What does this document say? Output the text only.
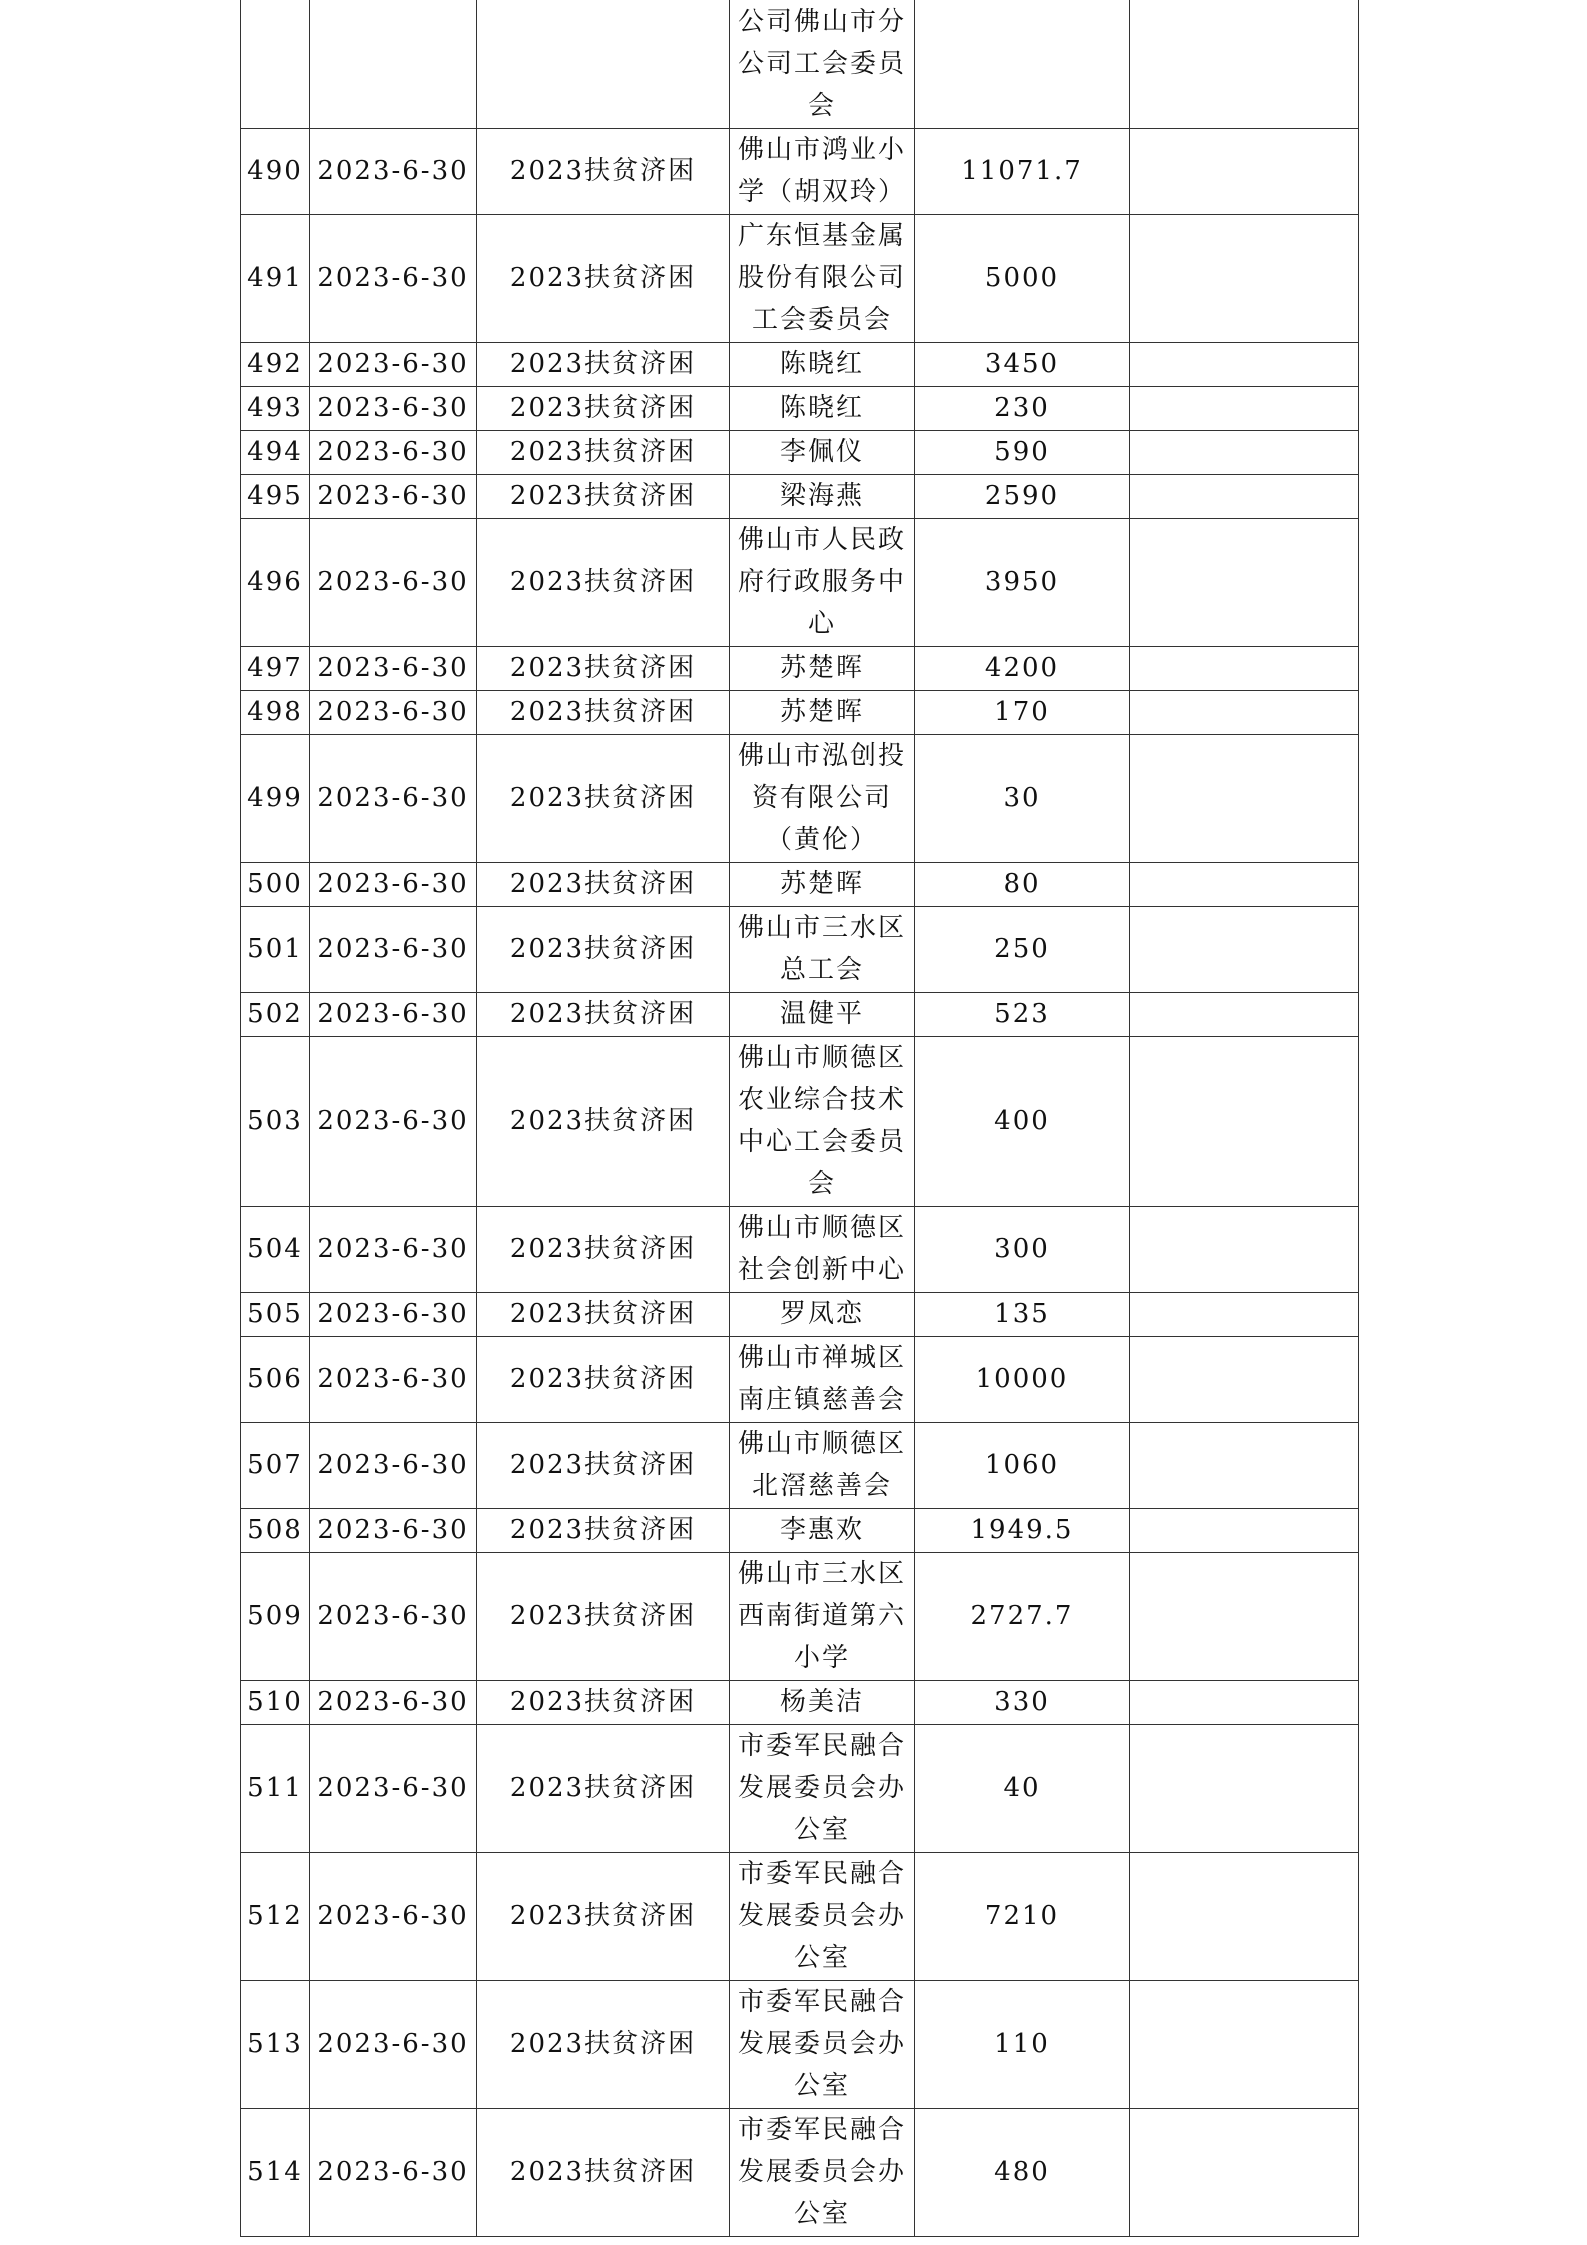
			公司佛山市分公司工会委员会		
490	2023-6-30	2023扶贫济困	佛山市鸿业小学（胡双玲）	11071.7	
491	2023-6-30	2023扶贫济困	广东恒基金属股份有限公司工会委员会	5000	
492	2023-6-30	2023扶贫济困	陈晓红	3450	
493	2023-6-30	2023扶贫济困	陈晓红	230	
494	2023-6-30	2023扶贫济困	李佩仪	590	
495	2023-6-30	2023扶贫济困	梁海燕	2590	
496	2023-6-30	2023扶贫济困	佛山市人民政府行政服务中心	3950	
497	2023-6-30	2023扶贫济困	苏楚晖	4200	
498	2023-6-30	2023扶贫济困	苏楚晖	170	
499	2023-6-30	2023扶贫济困	佛山市泓创投资有限公司（黄伦）	30	
500	2023-6-30	2023扶贫济困	苏楚晖	80	
501	2023-6-30	2023扶贫济困	佛山市三水区总工会	250	
502	2023-6-30	2023扶贫济困	温健平	523	
503	2023-6-30	2023扶贫济困	佛山市顺德区农业综合技术中心工会委员会	400	
504	2023-6-30	2023扶贫济困	佛山市顺德区社会创新中心	300	
505	2023-6-30	2023扶贫济困	罗凤恋	135	
506	2023-6-30	2023扶贫济困	佛山市禅城区南庄镇慈善会	10000	
507	2023-6-30	2023扶贫济困	佛山市顺德区北滘慈善会	1060	
508	2023-6-30	2023扶贫济困	李惠欢	1949.5	
509	2023-6-30	2023扶贫济困	佛山市三水区西南街道第六小学	2727.7	
510	2023-6-30	2023扶贫济困	杨美洁	330	
511	2023-6-30	2023扶贫济困	市委军民融合发展委员会办公室	40	
512	2023-6-30	2023扶贫济困	市委军民融合发展委员会办公室	7210	
513	2023-6-30	2023扶贫济困	市委军民融合发展委员会办公室	110	
514	2023-6-30	2023扶贫济困	市委军民融合发展委员会办公室	480	
